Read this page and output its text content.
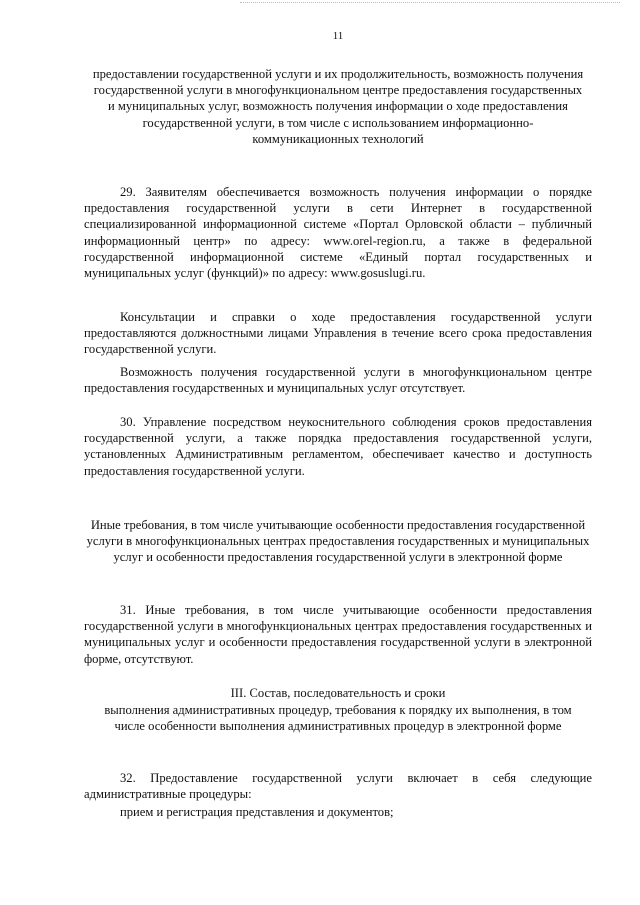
11
предоставлении государственной услуги и их продолжительность, возможность получения государственной услуги в многофункциональном центре предоставления государственных и муниципальных услуг, возможность получения информации о ходе предоставления государственной услуги, в том числе с использованием информационно-коммуникационных технологий
29. Заявителям обеспечивается возможность получения информации о порядке предоставления государственной услуги в сети Интернет в государственной специализированной информационной системе «Портал Орловской области – публичный информационный центр» по адресу: www.orel-region.ru, а также в федеральной государственной информационной системе «Единый портал государственных и муниципальных услуг (функций)» по адресу: www.gosuslugi.ru.
Консультации и справки о ходе предоставления государственной услуги предоставляются должностными лицами Управления в течение всего срока предоставления государственной услуги.
Возможность получения государственной услуги в многофункциональном центре предоставления государственных и муниципальных услуг отсутствует.
30. Управление посредством неукоснительного соблюдения сроков предоставления государственной услуги, а также порядка предоставления государственной услуги, установленных Административным регламентом, обеспечивает качество и доступность предоставления государственной услуги.
Иные требования, в том числе учитывающие особенности предоставления государственной услуги в многофункциональных центрах предоставления государственных и муниципальных услуг и особенности предоставления государственной услуги в электронной форме
31. Иные требования, в том числе учитывающие особенности предоставления государственной услуги в многофункциональных центрах предоставления государственных и муниципальных услуг и особенности предоставления государственной услуги в электронной форме, отсутствуют.
III. Состав, последовательность и сроки
выполнения административных процедур, требования к порядку их выполнения, в том числе особенности выполнения административных процедур в электронной форме
32. Предоставление государственной услуги включает в себя следующие административные процедуры:
прием и регистрация представления и документов;
